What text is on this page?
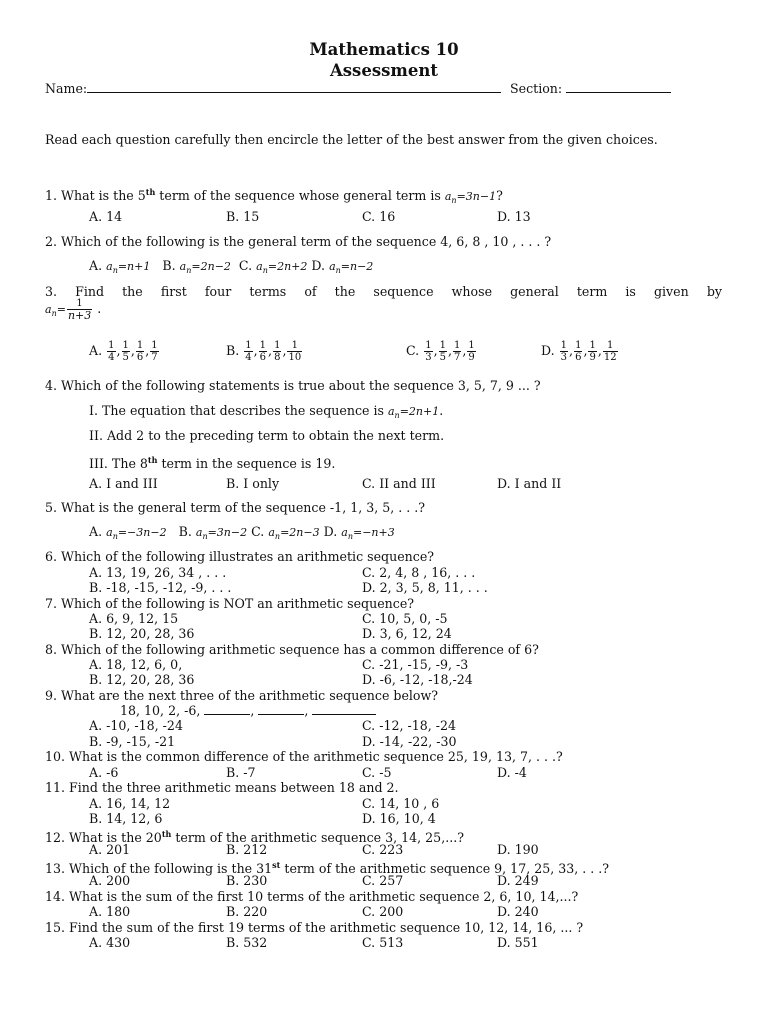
Mathematics 10
Assessment
Name:	Section:
Read each question carefully then encircle the letter of the best answer from the given choices.
1. What is the 5th term of the sequence whose general term is $a_n=3n-1$?
A. 14	B. 15	C. 16	D. 13
2. Which of the following is the general term of the sequence 4, 6, 8 , 10 , . . . ?
A. $a_n=n+1$ B. $a_n=2n-2$ C. $a_n=2n+2$ D. $a_n=n-2$
3. Find the first four terms of the sequence whose general term is given by
$a_n= \frac{1}{n+3}$ .
A. $\frac{1}{4}$ , $\frac{1}{5}$ , $\frac{1}{6}$ , $\frac{1}{7}$	B. $\frac{1}{4}$ , $\frac{1}{6}$ , $\frac{1}{8}$ , $\frac{1}{10}$	C. $\frac{1}{3}$ , $\frac{1}{5}$ , $\frac{1}{7}$ , $\frac{1}{9}$	D. $\frac{1}{3}$ , $\frac{1}{6}$ , $\frac{1}{9}$ , $\frac{1}{12}$
4. Which of the following statements is true about the sequence 3, 5, 7, 9 ... ?
I. The equation that describes the sequence is $a_n=2n+1$.
II. Add 2 to the preceding term to obtain the next term.
III. The 8th term in the sequence is 19.
A. I and III	B. I only	C. II and III	D. I and II
5. What is the general term of the sequence -1, 1, 3, 5, . . .?
A. $a_n=-3n-2$ B. $a_n=3n-2$ C. $a_n=2n-3$ D. $a_n=-n+3$
6. Which of the following illustrates an arithmetic sequence?
A. 13, 19, 26, 34 , . . .	C. 2, 4, 8 , 16, . . .
B. -18, -15, -12, -9, . . .	D. 2, 3, 5, 8, 11, . . .
7. Which of the following is NOT an arithmetic sequence?
A. 6, 9, 12, 15	C. 10, 5, 0, -5
B. 12, 20, 28, 36	D. 3, 6, 12, 24
8. Which of the following arithmetic sequence has a common difference of 6?
A. 18, 12, 6, 0,	C. -21, -15, -9, -3
B. 12, 20, 28, 36	D. -6, -12, -18,-24
9. What are the next three of the arithmetic sequence below?
18, 10, 2, -6,	,	,
A. -10, -18, -24	C. -12, -18, -24
B. -9, -15, -21	D. -14, -22, -30
10. What is the common difference of the arithmetic sequence 25, 19, 13, 7, . . .?
A. -6	B. -7	C. -5	D. -4
11. Find the three arithmetic means between 18 and 2.
A. 16, 14, 12	C. 14, 10 , 6
B. 14, 12, 6	D. 16, 10, 4
12. What is the 20th term of the arithmetic sequence 3, 14, 25,...?
A. 201	B. 212	C. 223	D. 190
13. Which of the following is the 31st term of the arithmetic sequence 9, 17, 25, 33, . . .?
A. 200	B. 230	C. 257	D. 249
14. What is the sum of the first 10 terms of the arithmetic sequence 2, 6, 10, 14,...?
A. 180	B. 220	C. 200	D. 240
15. Find the sum of the first 19 terms of the arithmetic sequence 10, 12, 14, 16, ... ?
A. 430	B. 532	C. 513	D. 551
